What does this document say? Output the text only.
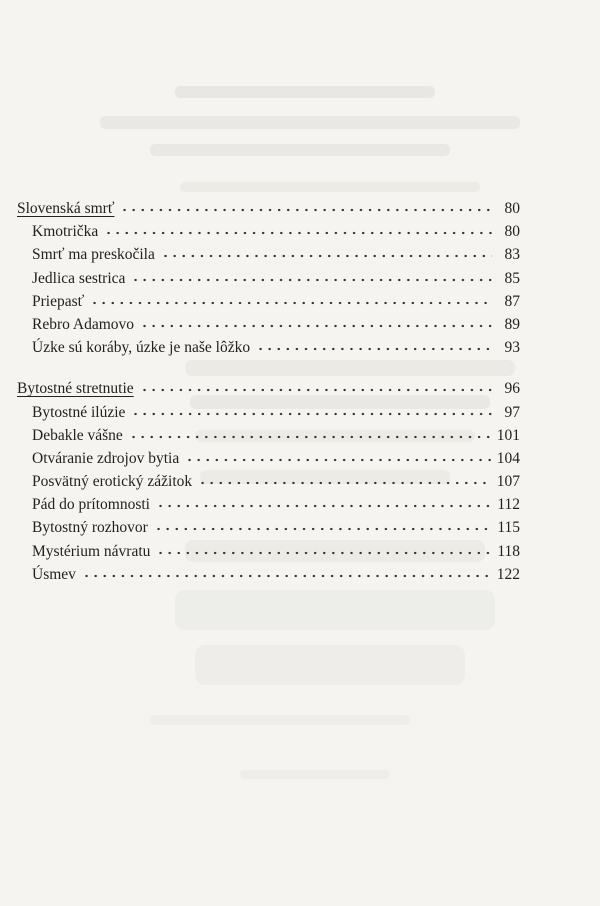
Slovenská smrť	80
Kmotrička	80
Smrť ma preskočila	83
Jedlica sestrica	85
Priepasť	87
Rebro Adamovo	89
Úzke sú koráby, úzke je naše lôžko	93
Bytostné stretnutie	96
Bytostné ilúzie	97
Debakle vášne	101
Otváranie zdrojov bytia	104
Posvätný erotický zážitok	107
Pád do prítomnosti	112
Bytostný rozhovor	115
Mystérium návratu	118
Úsmev	122
